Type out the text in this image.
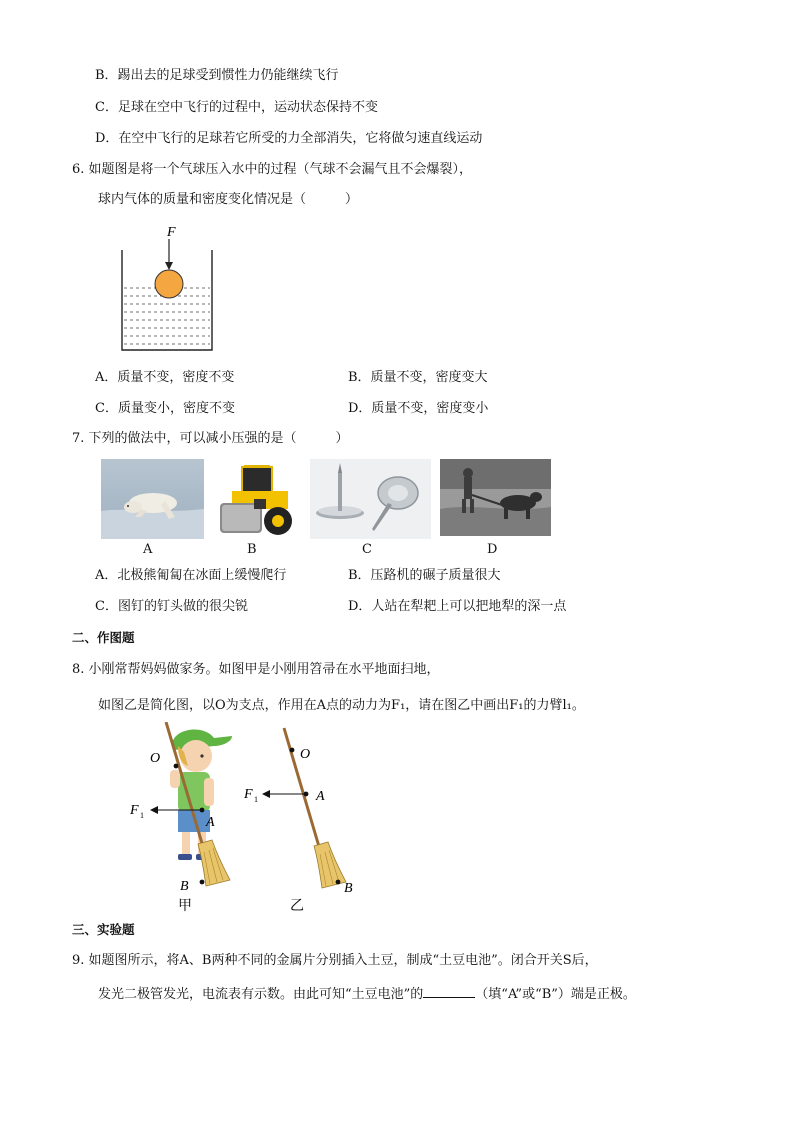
B．踢出去的足球受到惯性力仍能继续飞行
C．足球在空中飞行的过程中，运动状态保持不变
D．在空中飞行的足球若它所受的力全部消失，它将做匀速直线运动
6. 如题图是将一个气球压入水中的过程（气球不会漏气且不会爆裂），
球内气体的质量和密度变化情况是（　　　）
F
A．质量不变，密度不变	B．质量不变，密度变大
C．质量变小，密度不变	D．质量不变，密度变小
7. 下列的做法中，可以减小压强的是（　　　）
A	B	C	D
A．北极熊匍匐在冰面上缓慢爬行	B．压路机的碾子质量很大
C．图钉的钉头做的很尖锐	D．人站在犁耙上可以把地犁的深一点
二、作图题
8. 小刚常帮妈妈做家务。如图甲是小刚用笤帚在水平地面扫地，
如图乙是简化图，以O为支点，作用在A点的动力为F₁，请在图乙中画出F₁的力臂l₁。
O
F 1	A
B
甲
O
F 1	A
B
乙
三、实验题
9. 如题图所示，将A、B两种不同的金属片分别插入土豆，制成“土豆电池”。闭合开关S后，
发光二极管发光，电流表有示数。由此可知“土豆电池”的	（填“A”或“B”）端是正极。
